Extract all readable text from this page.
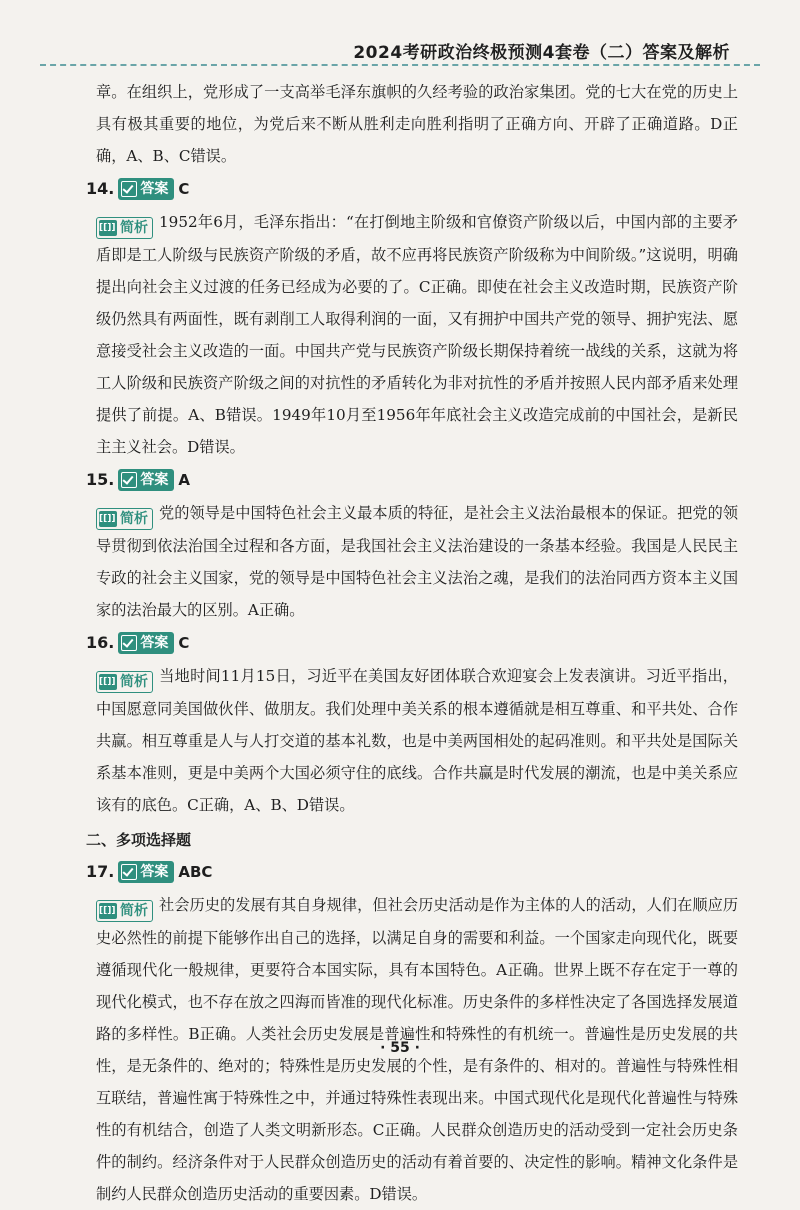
2024考研政治终极预测4套卷（二）答案及解析

章。在组织上，党形成了一支高举毛泽东旗帜的久经考验的政治家集团。党的七大在党的历史上具有极其重要的地位，为党后来不断从胜利走向胜利指明了正确方向、开辟了正确道路。D正确，A、B、C错误。

14. 答案 C

[[]] 简析 1952年6月，毛泽东指出：“在打倒地主阶级和官僚资产阶级以后，中国内部的主要矛盾即是工人阶级与民族资产阶级的矛盾，故不应再将民族资产阶级称为中间阶级。”这说明，明确提出向社会主义过渡的任务已经成为必要的了。C正确。即使在社会主义改造时期，民族资产阶级仍然具有两面性，既有剥削工人取得利润的一面，又有拥护中国共产党的领导、拥护宪法、愿意接受社会主义改造的一面。中国共产党与民族资产阶级长期保持着统一战线的关系，这就为将工人阶级和民族资产阶级之间的对抗性的矛盾转化为非对抗性的矛盾并按照人民内部矛盾来处理提供了前提。A、B错误。1949年10月至1956年年底社会主义改造完成前的中国社会，是新民主主义社会。D错误。

15. 答案 A

[[]] 简析 党的领导是中国特色社会主义最本质的特征，是社会主义法治最根本的保证。把党的领导贯彻到依法治国全过程和各方面，是我国社会主义法治建设的一条基本经验。我国是人民民主专政的社会主义国家，党的领导是中国特色社会主义法治之魂，是我们的法治同西方资本主义国家的法治最大的区别。A正确。

16. 答案 C

[[]] 简析 当地时间11月15日，习近平在美国友好团体联合欢迎宴会上发表演讲。习近平指出，中国愿意同美国做伙伴、做朋友。我们处理中美关系的根本遵循就是相互尊重、和平共处、合作共赢。相互尊重是人与人打交道的基本礼数，也是中美两国相处的起码准则。和平共处是国际关系基本准则，更是中美两个大国必须守住的底线。合作共赢是时代发展的潮流，也是中美关系应该有的底色。C正确，A、B、D错误。

二、多项选择题
17. 答案 ABC

[[]] 简析 社会历史的发展有其自身规律，但社会历史活动是作为主体的人的活动，人们在顺应历史必然性的前提下能够作出自己的选择，以满足自身的需要和利益。一个国家走向现代化，既要遵循现代化一般规律，更要符合本国实际，具有本国特色。A正确。世界上既不存在定于一尊的现代化模式，也不存在放之四海而皆准的现代化标准。历史条件的多样性决定了各国选择发展道路的多样性。B正确。人类社会历史发展是普遍性和特殊性的有机统一。普遍性是历史发展的共性，是无条件的、绝对的；特殊性是历史发展的个性，是有条件的、相对的。普遍性与特殊性相互联结，普遍性寓于特殊性之中，并通过特殊性表现出来。中国式现代化是现代化普遍性与特殊性的有机结合，创造了人类文明新形态。C正确。人民群众创造历史的活动受到一定社会历史条件的制约。经济条件对于人民群众创造历史的活动有着首要的、决定性的影响。精神文化条件是制约人民群众创造历史活动的重要因素。D错误。

· 55 ·
